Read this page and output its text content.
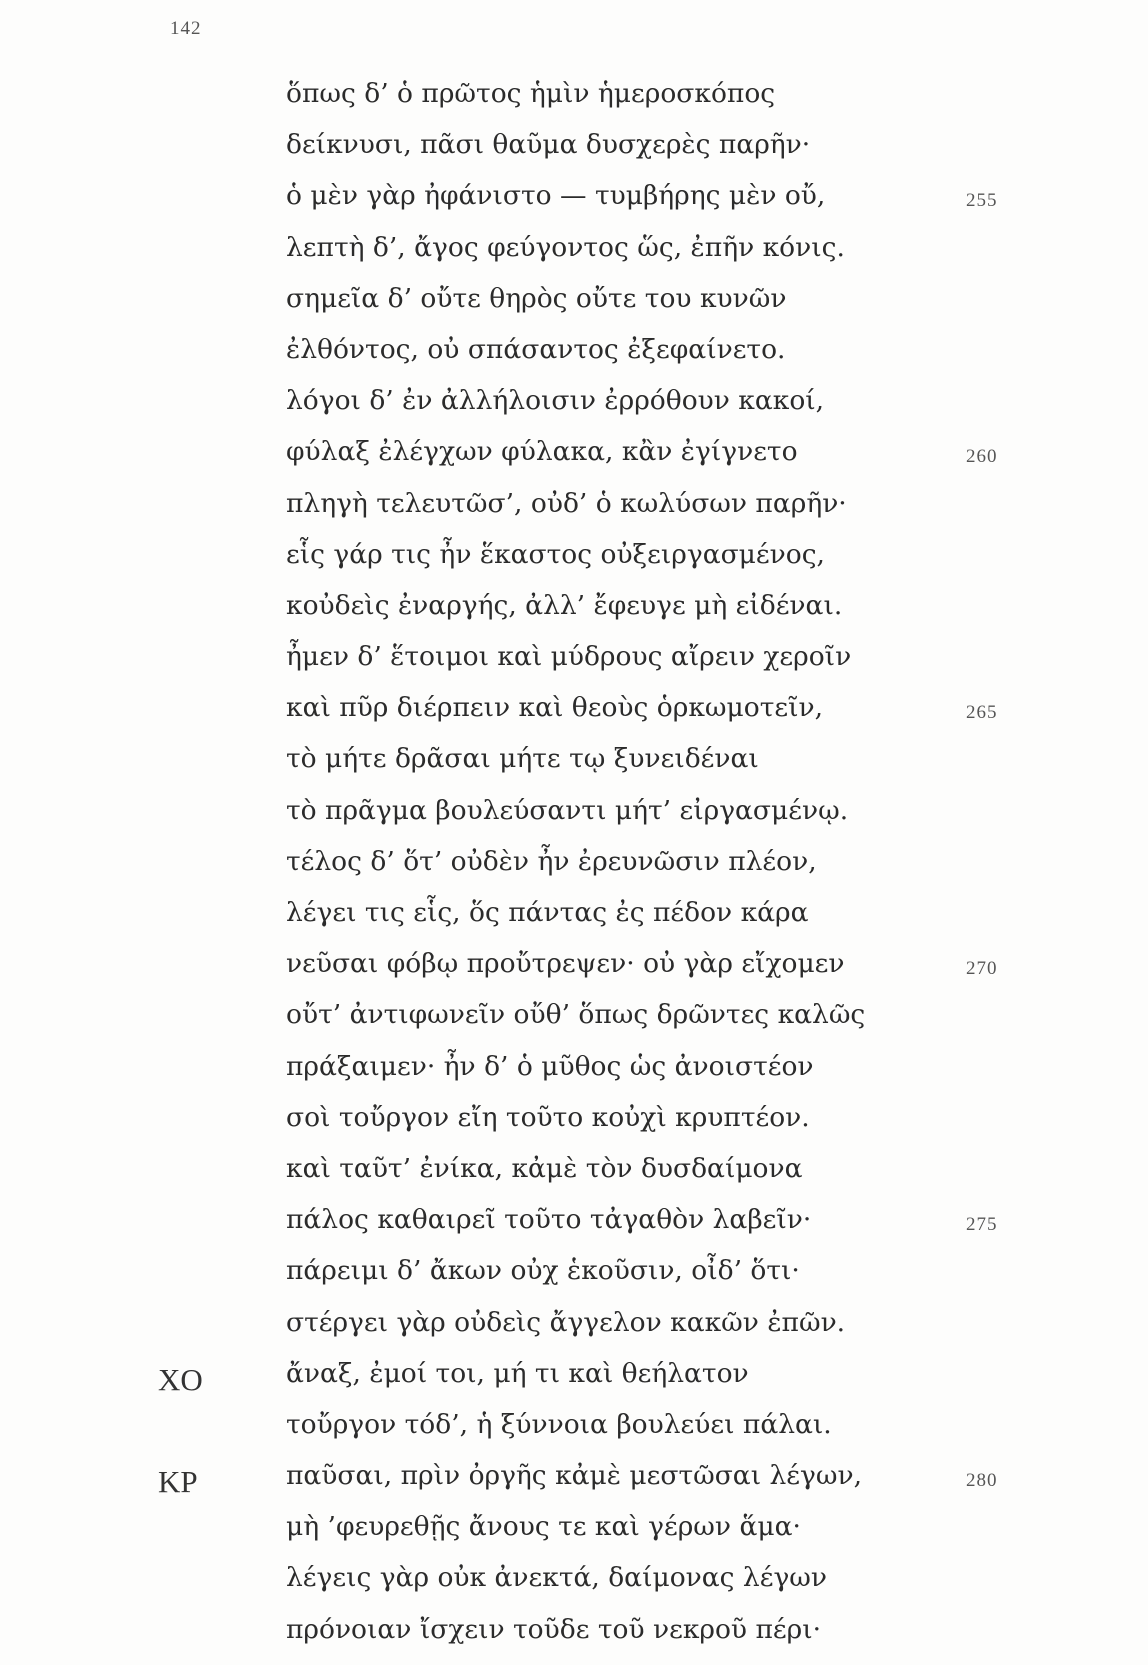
142
ὅπως δ’ ὁ πρῶτος ἡμὶν ἡμεροσκόπος
δείκνυσι, πᾶσι θαῦμα δυσχερὲς παρῆν·
ὁ μὲν γὰρ ἠφάνιστο — τυμβήρης μὲν οὔ,	255
λεπτὴ δ’, ἄγος φεύγοντος ὥς, ἐπῆν κόνις.
σημεῖα δ’ οὔτε θηρὸς οὔτε του κυνῶν
ἐλθόντος, οὐ σπάσαντος ἐξεφαίνετο.
λόγοι δ’ ἐν ἀλλήλοισιν ἐρρόθουν κακοί,
φύλαξ ἐλέγχων φύλακα, κἂν ἐγίγνετο	260
πληγὴ τελευτῶσ’, οὐδ’ ὁ κωλύσων παρῆν·
εἷς γάρ τις ἦν ἕκαστος οὐξειργασμένος,
κοὐδεὶς ἐναργής, ἀλλ’ ἔφευγε μὴ εἰδέναι.
ἦμεν δ’ ἕτοιμοι καὶ μύδρους αἴρειν χεροῖν
καὶ πῦρ διέρπειν καὶ θεοὺς ὁρκωμοτεῖν,	265
τὸ μήτε δρᾶσαι μήτε τῳ ξυνειδέναι
τὸ πρᾶγμα βουλεύσαντι μήτ’ εἰργασμένῳ.
τέλος δ’ ὅτ’ οὐδὲν ἦν ἐρευνῶσιν πλέον,
λέγει τις εἷς, ὅς πάντας ἐς πέδον κάρα
νεῦσαι φόβῳ προὔτρεψεν· οὐ γὰρ εἴχομεν	270
οὔτ’ ἀντιφωνεῖν οὔθ’ ὅπως δρῶντες καλῶς
πράξαιμεν· ἦν δ’ ὁ μῦθος ὡς ἀνοιστέον
σοὶ τοὔργον εἴη τοῦτο κοὐχὶ κρυπτέον.
καὶ ταῦτ’ ἐνίκα, κἀμὲ τὸν δυσδαίμονα
πάλος καθαιρεῖ τοῦτο τἀγαθὸν λαβεῖν·	275
πάρειμι δ’ ἄκων οὐχ ἑκοῦσιν, οἶδ’ ὅτι·
στέργει γὰρ οὐδεὶς ἄγγελον κακῶν ἐπῶν.
ΧΟ	ἄναξ, ἐμοί τοι, μή τι καὶ θεήλατον
τοὔργον τόδ’, ἡ ξύννοια βουλεύει πάλαι.
ΚΡ	παῦσαι, πρὶν ὀργῆς κἀμὲ μεστῶσαι λέγων,	280
μὴ ’φευρεθῇς ἄνους τε καὶ γέρων ἅμα·
λέγεις γὰρ οὐκ ἀνεκτά, δαίμονας λέγων
πρόνοιαν ἴσχειν τοῦδε τοῦ νεκροῦ πέρι·
